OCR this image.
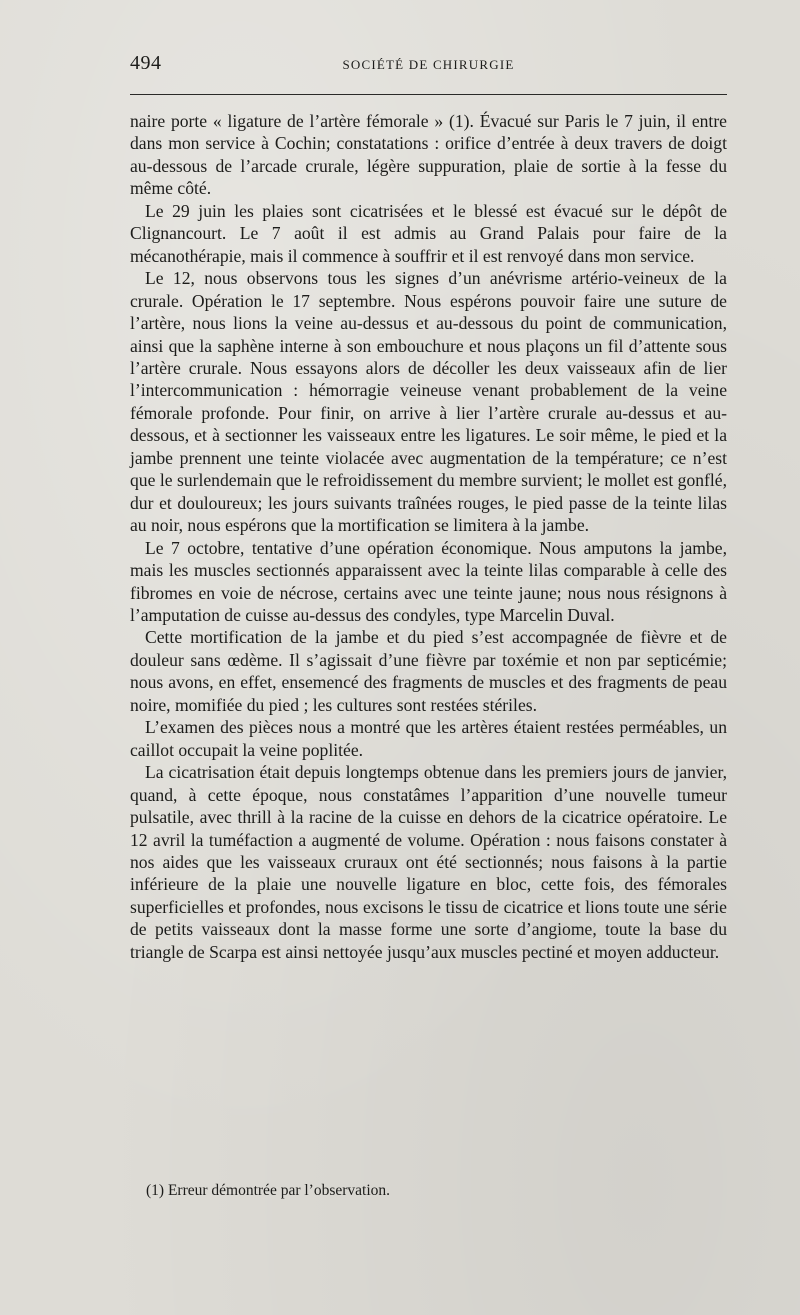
494	SOCIÉTÉ DE CHIRURGIE

naire porte « ligature de l’artère fémorale » (1). Évacué sur Paris le 7 juin, il entre dans mon service à Cochin; constatations : orifice d’entrée à deux travers de doigt au-dessous de l’arcade crurale, légère suppuration, plaie de sortie à la fesse du même côté.

Le 29 juin les plaies sont cicatrisées et le blessé est évacué sur le dépôt de Clignancourt. Le 7 août il est admis au Grand Palais pour faire de la mécanothérapie, mais il commence à souffrir et il est renvoyé dans mon service.

Le 12, nous observons tous les signes d’un anévrisme artério-veineux de la crurale. Opération le 17 septembre. Nous espérons pouvoir faire une suture de l’artère, nous lions la veine au-dessus et au-dessous du point de communication, ainsi que la saphène interne à son embouchure et nous plaçons un fil d’attente sous l’artère crurale. Nous essayons alors de décoller les deux vaisseaux afin de lier l’intercommunication : hémorragie veineuse venant probablement de la veine fémorale profonde. Pour finir, on arrive à lier l’artère crurale au-dessus et au-dessous, et à sectionner les vaisseaux entre les ligatures. Le soir même, le pied et la jambe prennent une teinte violacée avec augmentation de la température; ce n’est que le surlendemain que le refroidissement du membre survient; le mollet est gonflé, dur et douloureux; les jours suivants traînées rouges, le pied passe de la teinte lilas au noir, nous espérons que la mortification se limitera à la jambe.

Le 7 octobre, tentative d’une opération économique. Nous amputons la jambe, mais les muscles sectionnés apparaissent avec la teinte lilas comparable à celle des fibromes en voie de nécrose, certains avec une teinte jaune; nous nous résignons à l’amputation de cuisse au-dessus des condyles, type Marcelin Duval.

Cette mortification de la jambe et du pied s’est accompagnée de fièvre et de douleur sans œdème. Il s’agissait d’une fièvre par toxémie et non par septicémie; nous avons, en effet, ensemencé des fragments de muscles et des fragments de peau noire, momifiée du pied ; les cultures sont restées stériles.

L’examen des pièces nous a montré que les artères étaient restées perméables, un caillot occupait la veine poplitée.

La cicatrisation était depuis longtemps obtenue dans les premiers jours de janvier, quand, à cette époque, nous constatâmes l’apparition d’une nouvelle tumeur pulsatile, avec thrill à la racine de la cuisse en dehors de la cicatrice opératoire. Le 12 avril la tuméfaction a augmenté de volume. Opération : nous faisons constater à nos aides que les vaisseaux cruraux ont été sectionnés; nous faisons à la partie inférieure de la plaie une nouvelle ligature en bloc, cette fois, des fémorales superficielles et profondes, nous excisons le tissu de cicatrice et lions toute une série de petits vaisseaux dont la masse forme une sorte d’angiome, toute la base du triangle de Scarpa est ainsi nettoyée jusqu’aux muscles pectiné et moyen adducteur.

(1) Erreur démontrée par l’observation.
